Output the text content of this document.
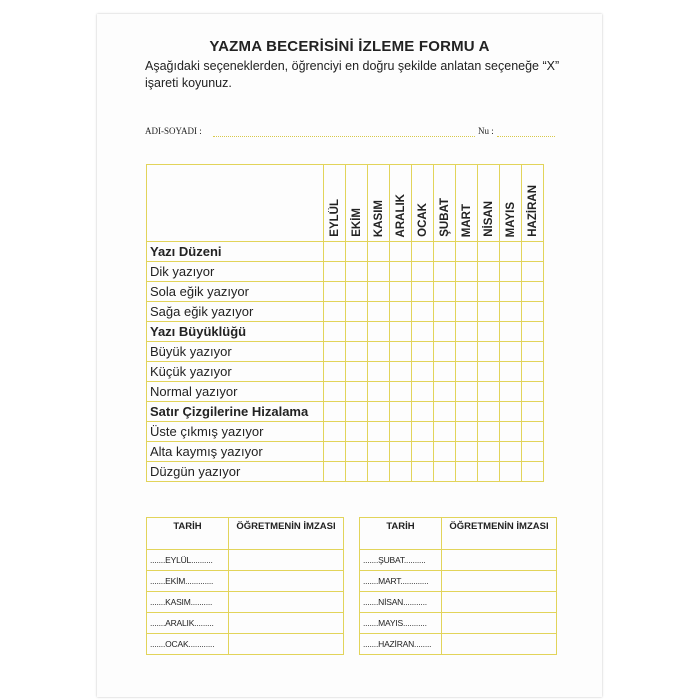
YAZMA BECERİSİNİ İZLEME FORMU A
Aşağıdaki seçeneklerden, öğrenciyi en doğru şekilde anlatan seçeneğe “X” işareti koyunuz.
ADI-SOYADI :	Nu :

	EYLÜL	EKİM	KASIM	ARALIK	OCAK	ŞUBAT	MART	NİSAN	MAYIS	HAZİRAN

Yazı Düzeni										
Dik yazıyor										
Sola eğik yazıyor										
Sağa eğik yazıyor										
Yazı Büyüklüğü										
Büyük yazıyor										
Küçük yazıyor										
Normal yazıyor										
Satır Çizgilerine Hizalama										
Üste çıkmış yazıyor										
Alta kaymış yazıyor										
Düzgün yazıyor										
TARİH	ÖĞRETMENİN İMZASI
.......EYLÜL..........	
.......EKİM.............	
.......KASIM..........	
.......ARALIK.........	
.......OCAK............	
TARİH	ÖĞRETMENİN İMZASI
.......ŞUBAT..........	
.......MART.............	
.......NİSAN...........	
.......MAYIS...........	
.......HAZİRAN........	
